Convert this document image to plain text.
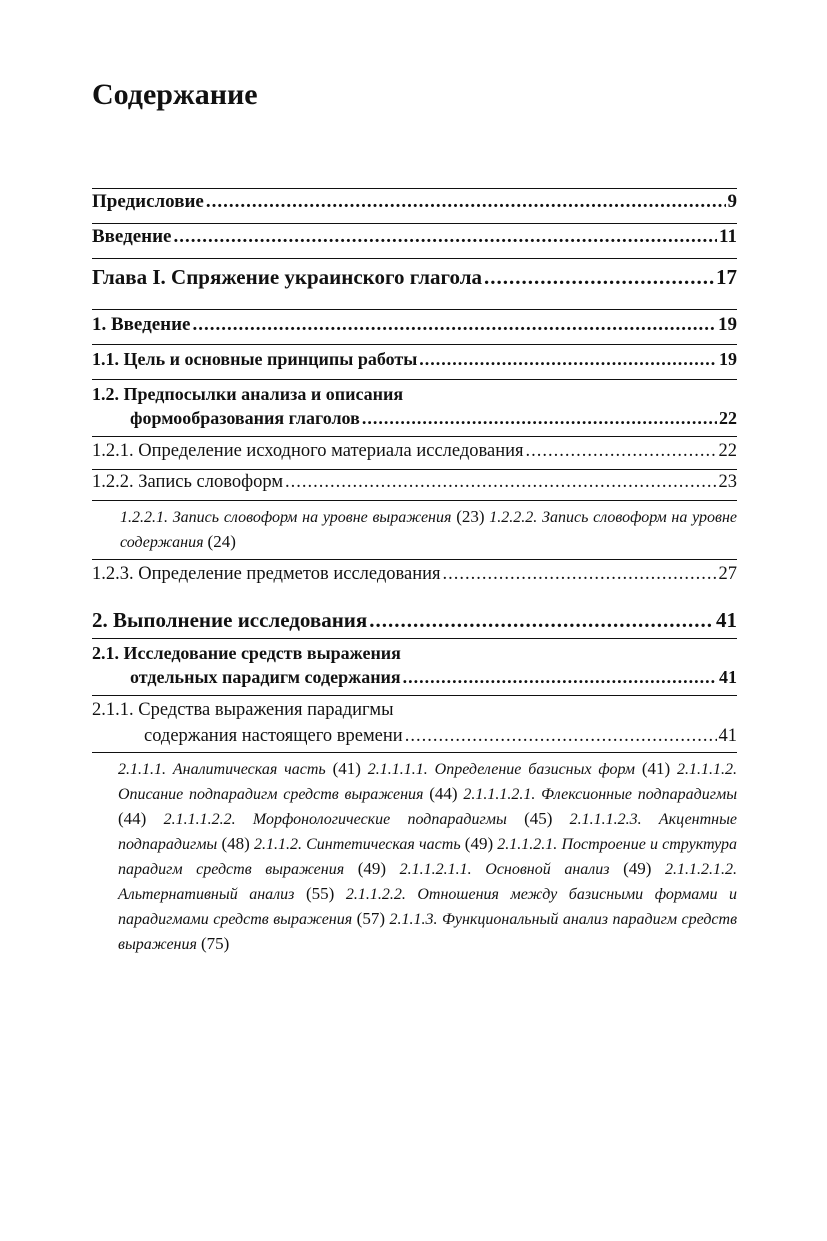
Содержание
Предисловие .....	9
Введение .....	11
Глава I. Спряжение украинского глагола .....	17
1. Введение .....	19
1.1. Цель и основные принципы работы .....	19
1.2. Предпосылки анализа и описания
формообразования глаголов .....	22
1.2.1. Определение исходного материала исследования .....	22
1.2.2. Запись словоформ .....	23
1.2.2.1. Запись словоформ на уровне выражения (23) 1.2.2.2. Запись словоформ на уровне содержания (24)
1.2.3. Определение предметов исследования .....	27
2. Выполнение исследования .....	41
2.1. Исследование средств выражения
отдельных парадигм содержания .....	41
2.1.1. Средства выражения парадигмы
содержания настоящего времени .....	41
2.1.1.1. Аналитическая часть (41) 2.1.1.1.1. Определение базисных форм (41) 2.1.1.1.2. Описание подпарадигм средств выражения (44) 2.1.1.1.2.1. Флексионные подпарадигмы (44) 2.1.1.1.2.2. Морфонологические подпарадигмы (45) 2.1.1.1.2.3. Акцентные подпарадигмы (48) 2.1.1.2. Синтетическая часть (49) 2.1.1.2.1. Построение и структура парадигм средств выражения (49) 2.1.1.2.1.1. Основной анализ (49) 2.1.1.2.1.2. Альтернативный анализ (55) 2.1.1.2.2. Отношения между базисными формами и парадигмами средств выражения (57) 2.1.1.3. Функциональный анализ парадигм средств выражения (75)
